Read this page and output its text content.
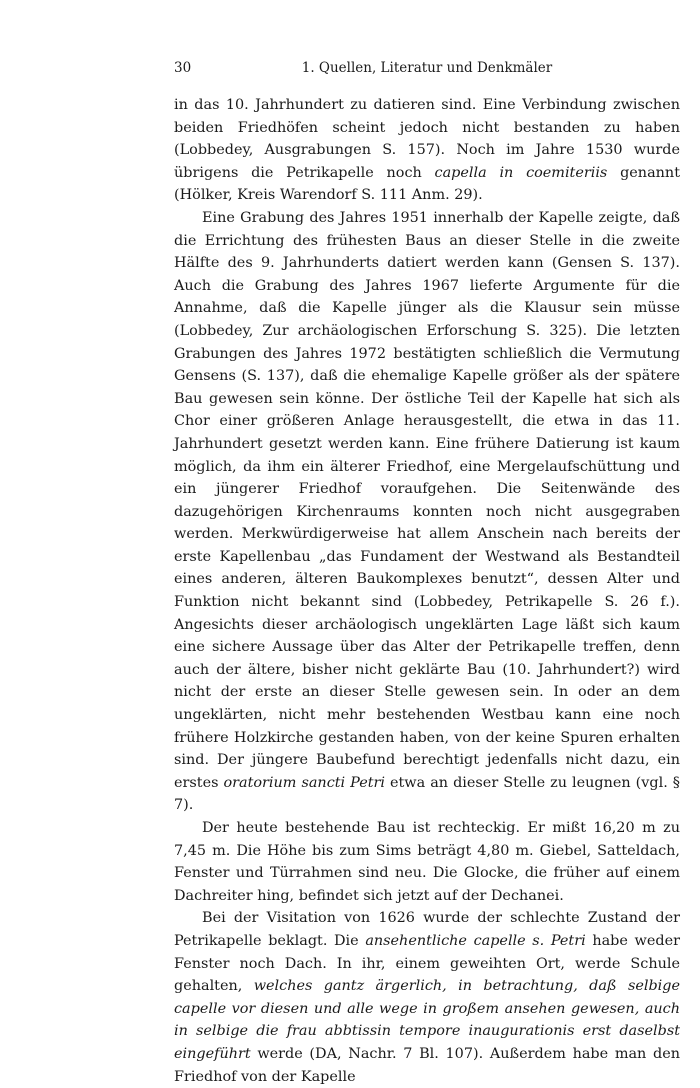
30	1. Quellen, Literatur und Denkmäler

in das 10. Jahrhundert zu datieren sind. Eine Verbindung zwischen beiden Friedhöfen scheint jedoch nicht bestanden zu haben (Lobbedey, Ausgrabungen S. 157). Noch im Jahre 1530 wurde übrigens die Petrikapelle noch capella in coemiteriis genannt (Hölker, Kreis Warendorf S. 111 Anm. 29).

Eine Grabung des Jahres 1951 innerhalb der Kapelle zeigte, daß die Errichtung des frühesten Baus an dieser Stelle in die zweite Hälfte des 9. Jahrhunderts datiert werden kann (Gensen S. 137). Auch die Grabung des Jahres 1967 lieferte Argumente für die Annahme, daß die Kapelle jünger als die Klausur sein müsse (Lobbedey, Zur archäologischen Erforschung S. 325). Die letzten Grabungen des Jahres 1972 bestätigten schließlich die Vermutung Gensens (S. 137), daß die ehemalige Kapelle größer als der spätere Bau gewesen sein könne. Der östliche Teil der Kapelle hat sich als Chor einer größeren Anlage herausgestellt, die etwa in das 11. Jahrhundert gesetzt werden kann. Eine frühere Datierung ist kaum möglich, da ihm ein älterer Friedhof, eine Mergelaufschüttung und ein jüngerer Friedhof voraufgehen. Die Seitenwände des dazugehörigen Kirchenraums konnten noch nicht ausgegraben werden. Merkwürdigerweise hat allem Anschein nach bereits der erste Kapellenbau „das Fundament der Westwand als Bestandteil eines anderen, älteren Baukomplexes benutzt“, dessen Alter und Funktion nicht bekannt sind (Lobbedey, Petrikapelle S. 26 f.). Angesichts dieser archäologisch ungeklärten Lage läßt sich kaum eine sichere Aussage über das Alter der Petrikapelle treffen, denn auch der ältere, bisher nicht geklärte Bau (10. Jahrhundert?) wird nicht der erste an dieser Stelle gewesen sein. In oder an dem ungeklärten, nicht mehr bestehenden Westbau kann eine noch frühere Holzkirche gestanden haben, von der keine Spuren erhalten sind. Der jüngere Baubefund berechtigt jedenfalls nicht dazu, ein erstes oratorium sancti Petri etwa an dieser Stelle zu leugnen (vgl. § 7).

Der heute bestehende Bau ist rechteckig. Er mißt 16,20 m zu 7,45 m. Die Höhe bis zum Sims beträgt 4,80 m. Giebel, Satteldach, Fenster und Türrahmen sind neu. Die Glocke, die früher auf einem Dachreiter hing, befindet sich jetzt auf der Dechanei.

Bei der Visitation von 1626 wurde der schlechte Zustand der Petrikapelle beklagt. Die ansehentliche capelle s. Petri habe weder Fenster noch Dach. In ihr, einem geweihten Ort, werde Schule gehalten, welches gantz ärgerlich, in betrachtung, daß selbige capelle vor diesen und alle wege in großem ansehen gewesen, auch in selbige die frau abbtissin tempore inaugurationis erst daselbst eingeführt werde (DA, Nachr. 7 Bl. 107). Außerdem habe man den Friedhof von der Kapelle
